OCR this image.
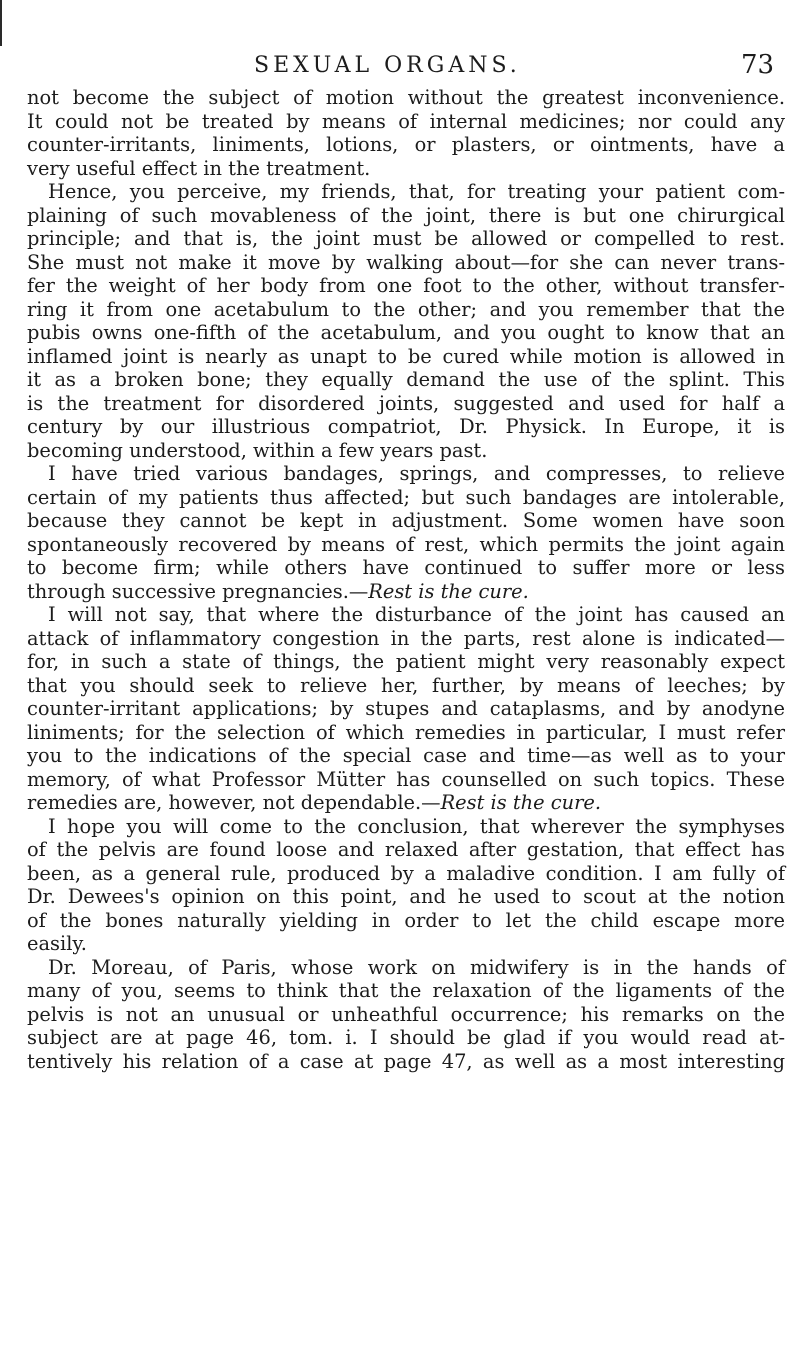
SEXUAL ORGANS.	73
not become the subject of motion without the greatest inconvenience.
It could not be treated by means of internal medicines; nor could any
counter-irritants, liniments, lotions, or plasters, or ointments, have a
very useful effect in the treatment.
Hence, you perceive, my friends, that, for treating your patient com-
plaining of such movableness of the joint, there is but one chirurgical
principle; and that is, the joint must be allowed or compelled to rest.
She must not make it move by walking about—for she can never trans-
fer the weight of her body from one foot to the other, without transfer-
ring it from one acetabulum to the other; and you remember that the
pubis owns one-fifth of the acetabulum, and you ought to know that an
inflamed joint is nearly as unapt to be cured while motion is allowed in
it as a broken bone; they equally demand the use of the splint. This
is the treatment for disordered joints, suggested and used for half a
century by our illustrious compatriot, Dr. Physick. In Europe, it is
becoming understood, within a few years past.
I have tried various bandages, springs, and compresses, to relieve
certain of my patients thus affected; but such bandages are intolerable,
because they cannot be kept in adjustment. Some women have soon
spontaneously recovered by means of rest, which permits the joint again
to become firm; while others have continued to suffer more or less
through successive pregnancies.—Rest is the cure.
I will not say, that where the disturbance of the joint has caused an
attack of inflammatory congestion in the parts, rest alone is indicated—
for, in such a state of things, the patient might very reasonably expect
that you should seek to relieve her, further, by means of leeches; by
counter-irritant applications; by stupes and cataplasms, and by anodyne
liniments; for the selection of which remedies in particular, I must refer
you to the indications of the special case and time—as well as to your
memory, of what Professor Mütter has counselled on such topics. These
remedies are, however, not dependable.—Rest is the cure.
I hope you will come to the conclusion, that wherever the symphyses
of the pelvis are found loose and relaxed after gestation, that effect has
been, as a general rule, produced by a maladive condition. I am fully of
Dr. Dewees's opinion on this point, and he used to scout at the notion
of the bones naturally yielding in order to let the child escape more
easily.
Dr. Moreau, of Paris, whose work on midwifery is in the hands of
many of you, seems to think that the relaxation of the ligaments of the
pelvis is not an unusual or unheathful occurrence; his remarks on the
subject are at page 46, tom. i. I should be glad if you would read at-
tentively his relation of a case at page 47, as well as a most interesting
